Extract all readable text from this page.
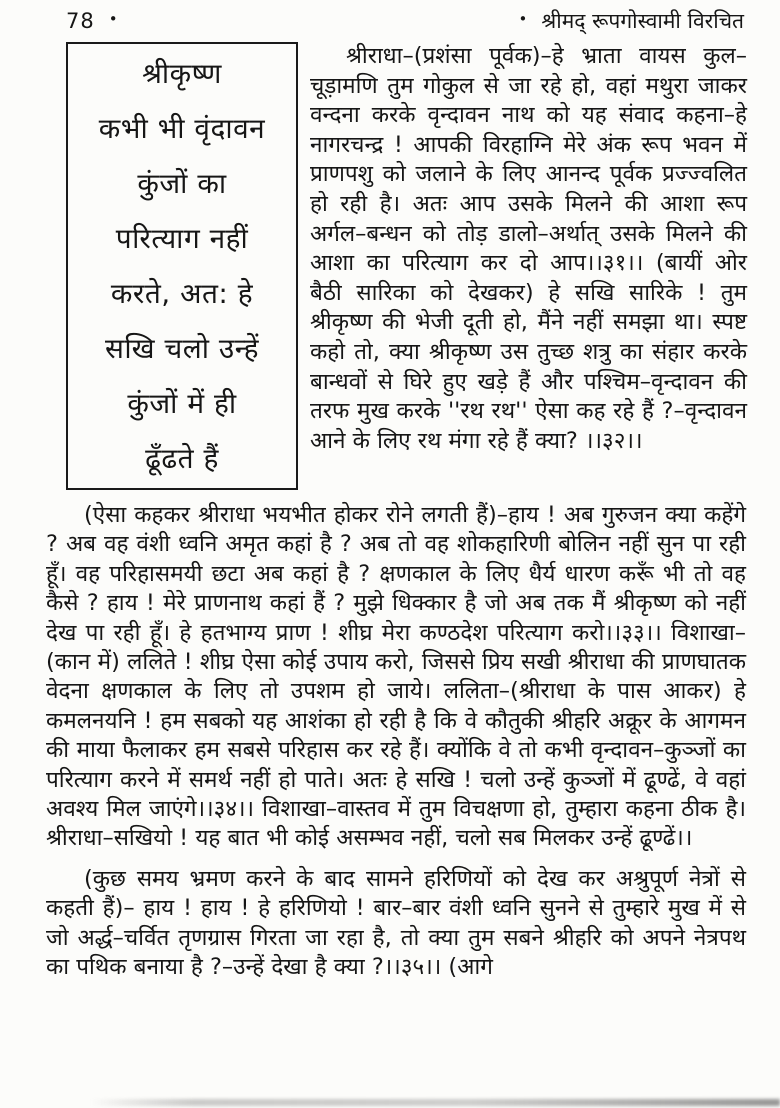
78 •	• श्रीमद् रूपगोस्वामी विरचित
श्रीकृष्ण
कभी भी वृंदावन
कुंजों का
परित्याग नहीं
करते, अत: हे
सखि चलो उन्हें
कुंजों में ही
ढूँढते हैं

श्रीराधा–(प्रशंसा पूर्वक)–हे भ्राता वायस कुल–चूड़ामणि तुम गोकुल से जा रहे हो, वहां मथुरा जाकर वन्दना करके वृन्दावन नाथ को यह संवाद कहना–हे नागरचन्द्र ! आपकी विरहाग्नि मेरे अंक रूप भवन में प्राणपशु को जलाने के लिए आनन्द पूर्वक प्रज्ज्वलित हो रही है। अतः आप उसके मिलने की आशा रूप अर्गल–बन्धन को तोड़ डालो–अर्थात् उसके मिलने की आशा का परित्याग कर दो आप।।३१।। (बायीं ओर बैठी सारिका को देखकर) हे सखि सारिके ! तुम श्रीकृष्ण की भेजी दूती हो, मैंने नहीं समझा था। स्पष्ट कहो तो, क्या श्रीकृष्ण उस तुच्छ शत्रु का संहार करके बान्धवों से घिरे हुए खड़े हैं और पश्चिम–वृन्दावन की तरफ मुख करके ''रथ रथ'' ऐसा कह रहे हैं ?–वृन्दावन आने के लिए रथ मंगा रहे हैं क्या? ।।३२।।

(ऐसा कहकर श्रीराधा भयभीत होकर रोने लगती हैं)–हाय ! अब गुरुजन क्या कहेंगे ? अब वह वंशी ध्वनि अमृत कहां है ? अब तो वह शोकहारिणी बोलिन नहीं सुन पा रही हूँ। वह परिहासमयी छटा अब कहां है ? क्षणकाल के लिए धैर्य धारण करूँ भी तो वह कैसे ? हाय ! मेरे प्राणनाथ कहां हैं ? मुझे धिक्कार है जो अब तक मैं श्रीकृष्ण को नहीं देख पा रही हूँ। हे हतभाग्य प्राण ! शीघ्र मेरा कण्ठदेश परित्याग करो।।३३।। विशाखा–(कान में) ललिते ! शीघ्र ऐसा कोई उपाय करो, जिससे प्रिय सखी श्रीराधा की प्राणघातक वेदना क्षणकाल के लिए तो उपशम हो जाये। ललिता–(श्रीराधा के पास आकर) हे कमलनयनि ! हम सबको यह आशंका हो रही है कि वे कौतुकी श्रीहरि अक्रूर के आगमन की माया फैलाकर हम सबसे परिहास कर रहे हैं। क्योंकि वे तो कभी वृन्दावन–कुञ्जों का परित्याग करने में समर्थ नहीं हो पाते। अतः हे सखि ! चलो उन्हें कुञ्जों में ढूण्ढें, वे वहां अवश्य मिल जाएंगे।।३४।। विशाखा–वास्तव में तुम विचक्षणा हो, तुम्हारा कहना ठीक है। श्रीराधा–सखियो ! यह बात भी कोई असम्भव नहीं, चलो सब मिलकर उन्हें ढूण्ढें।।

(कुछ समय भ्रमण करने के बाद सामने हरिणियों को देख कर अश्रुपूर्ण नेत्रों से कहती हैं)– हाय ! हाय ! हे हरिणियो ! बार–बार वंशी ध्वनि सुनने से तुम्हारे मुख में से जो अर्द्ध–चर्वित तृणग्रास गिरता जा रहा है, तो क्या तुम सबने श्रीहरि को अपने नेत्रपथ का पथिक बनाया है ?–उन्हें देखा है क्या ?।।३५।। (आगे
